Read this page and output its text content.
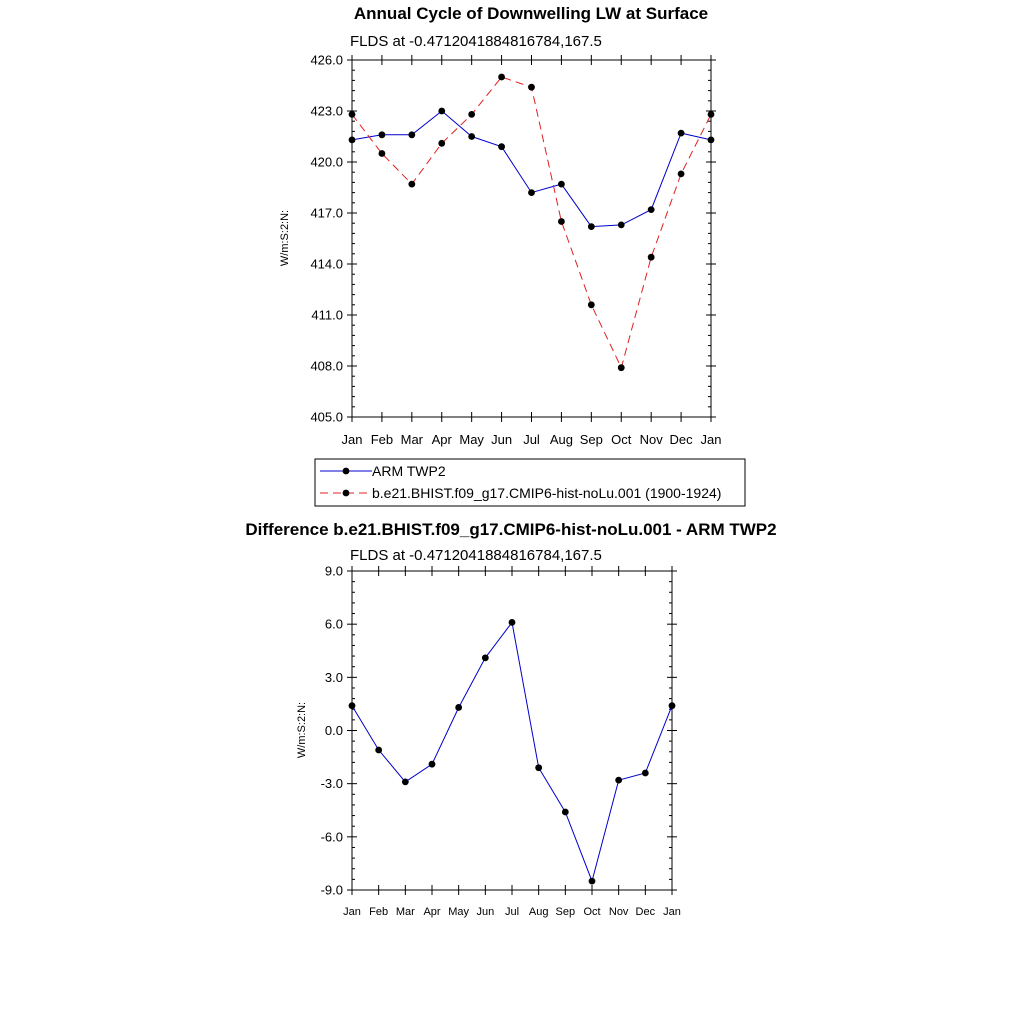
Annual Cycle of Downwelling LW at Surface
FLDS at -0.4712041884816784,167.5
W/m:S:2:N:
405.0
408.0
411.0
414.0
417.0
420.0
423.0
426.0
Jan Feb Mar Apr May Jun Jul Aug Sep Oct Nov Dec Jan
ARM TWP2
b.e21.BHIST.f09_g17.CMIP6-hist-noLu.001 (1900-1924)
Difference b.e21.BHIST.f09_g17.CMIP6-hist-noLu.001 - ARM TWP2
FLDS at -0.4712041884816784,167.5
W/m:S:2:N:
-9.0
-6.0
-3.0
0.0
3.0
6.0
9.0
Jan Feb Mar Apr May Jun Jul Aug Sep Oct Nov Dec Jan
